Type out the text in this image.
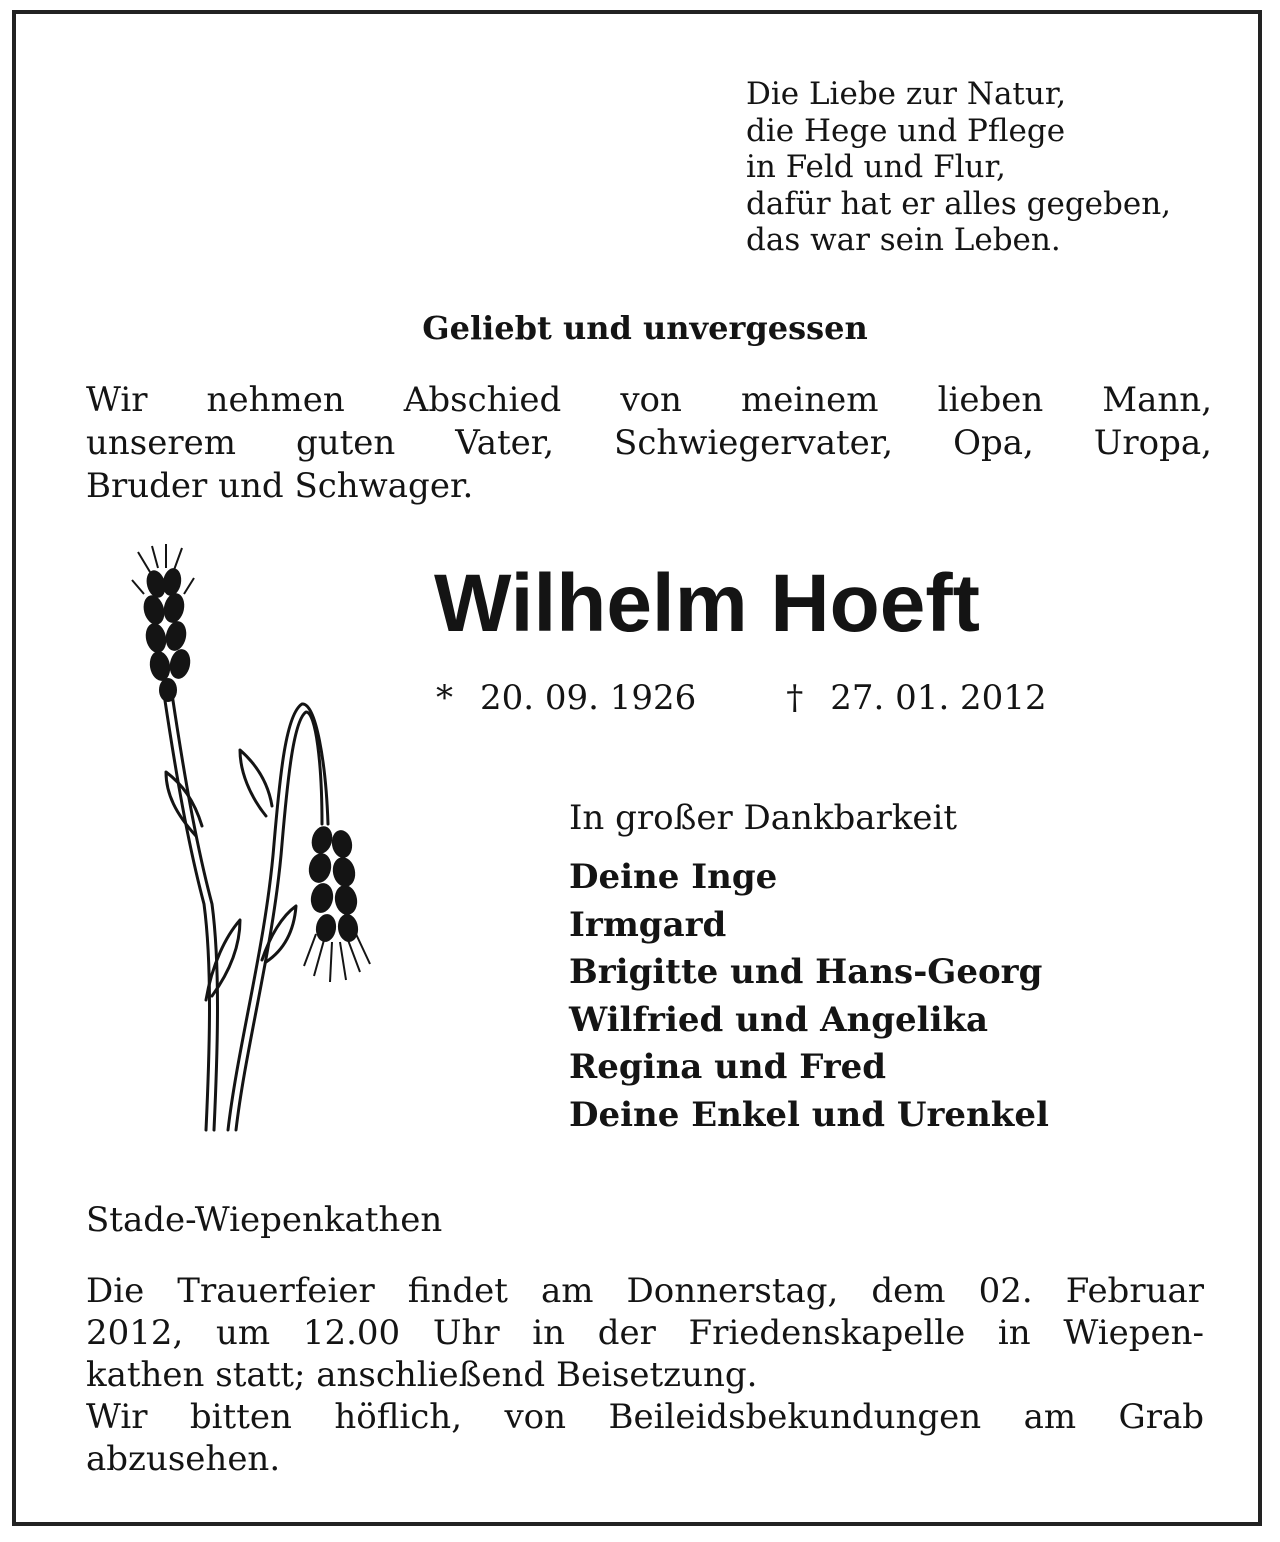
Die Liebe zur Natur,
die Hege und Pflege
in Feld und Flur,
dafür hat er alles gegeben,
das war sein Leben.
Geliebt und unvergessen
Wir nehmen Abschied von meinem lieben Mann,
unserem guten Vater, Schwiegervater, Opa, Uropa,
Bruder und Schwager.
Wilhelm Hoeft
* 20. 09. 1926	† 27. 01. 2012
In großer Dankbarkeit
Deine Inge
Irmgard
Brigitte und Hans-Georg
Wilfried und Angelika
Regina und Fred
Deine Enkel und Urenkel
Stade-Wiepenkathen
Die Trauerfeier findet am Donnerstag, dem 02. Februar
2012, um 12.00 Uhr in der Friedenskapelle in Wiepen-
kathen statt; anschließend Beisetzung.
Wir bitten höflich, von Beileidsbekundungen am Grab
abzusehen.
